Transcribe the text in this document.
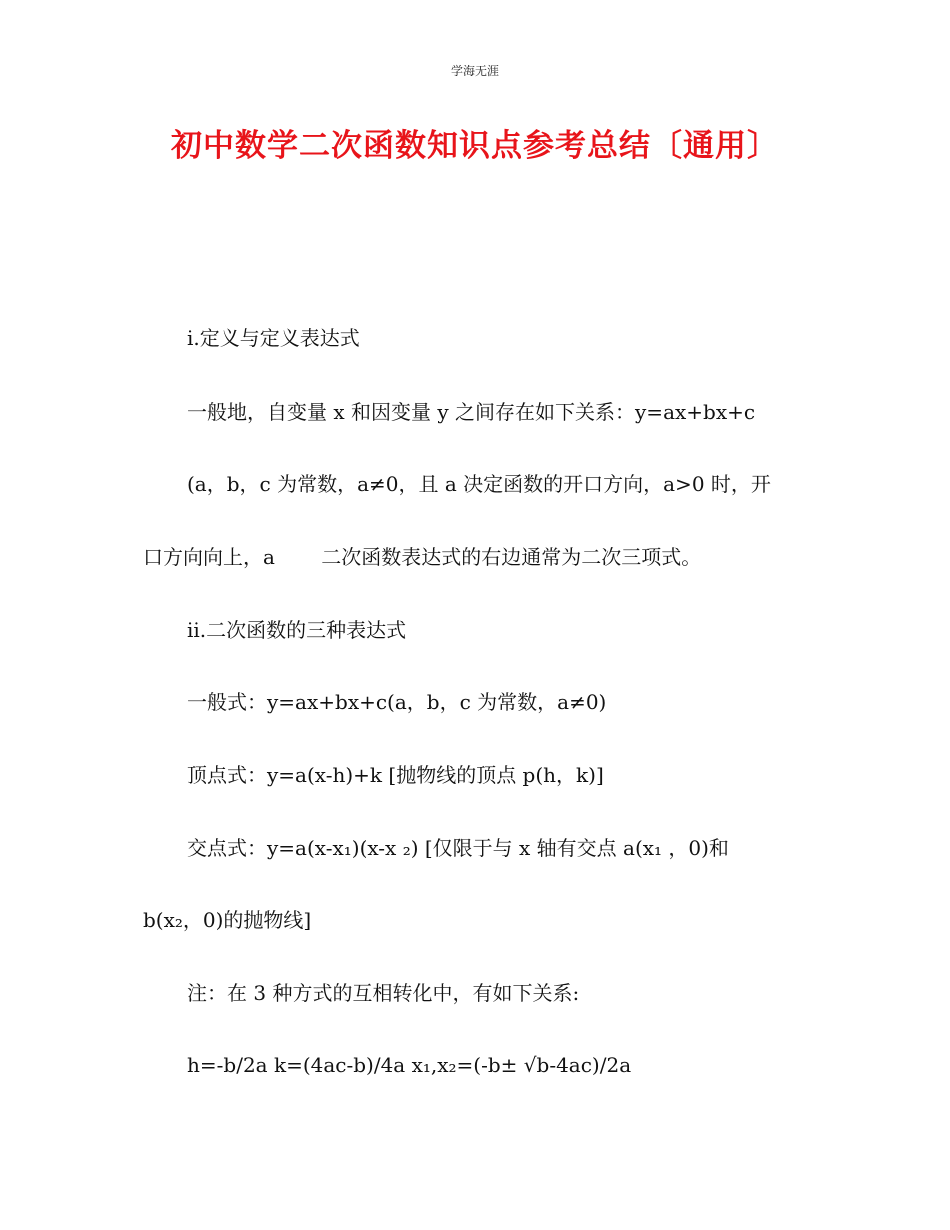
学海无涯
初中数学二次函数知识点参考总结〔通用〕
i.定义与定义表达式
一般地，自变量 x 和因变量 y 之间存在如下关系：y=ax+bx+c
(a，b，c 为常数，a≠0，且 a 决定函数的开口方向，a>0 时，开
口方向向上，a　　 二次函数表达式的右边通常为二次三项式。
ii.二次函数的三种表达式
一般式：y=ax+bx+c(a，b，c 为常数，a≠0)
顶点式：y=a(x-h)+k [抛物线的顶点 p(h，k)]
交点式：y=a(x-x₁)(x-x ₂) [仅限于与 x 轴有交点 a(x₁ ，0)和
b(x₂，0)的抛物线]
注：在 3 种方式的互相转化中，有如下关系:
h=-b/2a k=(4ac-b)/4a x₁,x₂=(-b± √b-4ac)/2a
